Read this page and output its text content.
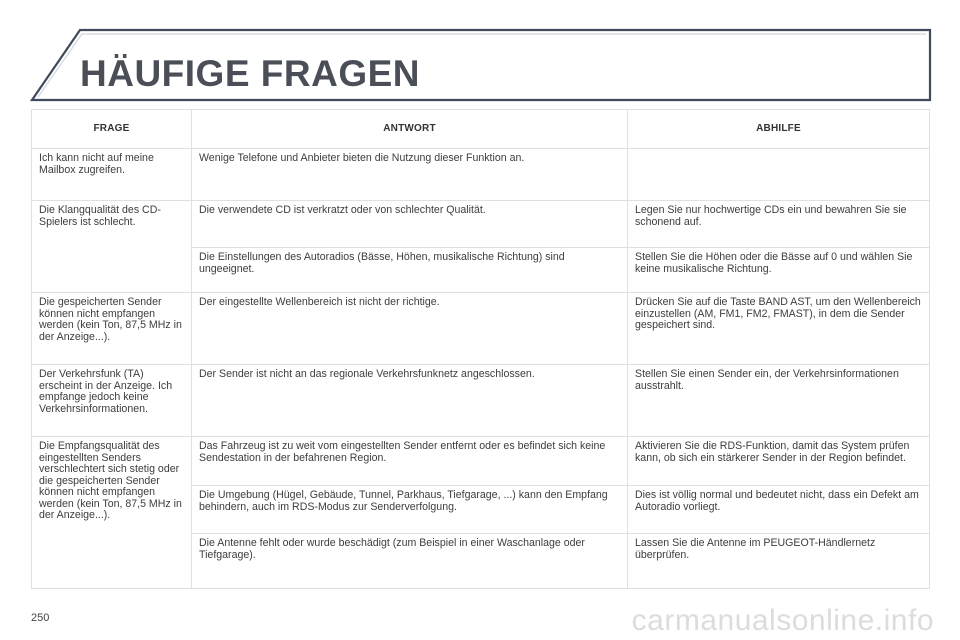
HÄUFIGE FRAGEN
FRAGE	ANTWORT	ABHILFE
Ich kann nicht auf meine Mailbox zugreifen.	Wenige Telefone und Anbieter bieten die Nutzung dieser Funktion an.	
Die Klangqualität des CD-Spielers ist schlecht.	Die verwendete CD ist verkratzt oder von schlechter Qualität.	Legen Sie nur hochwertige CDs ein und bewahren Sie sie schonend auf.
	Die Einstellungen des Autoradios (Bässe, Höhen, musikalische Richtung) sind ungeeignet.	Stellen Sie die Höhen oder die Bässe auf 0 und wählen Sie keine musikalische Richtung.
Die gespeicherten Sender können nicht empfangen werden (kein Ton, 87,5 MHz in der Anzeige...).	Der eingestellte Wellenbereich ist nicht der richtige.	Drücken Sie auf die Taste BAND AST, um den Wellenbereich einzustellen (AM, FM1, FM2, FMAST), in dem die Sender gespeichert sind.
Der Verkehrsfunk (TA) erscheint in der Anzeige. Ich empfange jedoch keine Verkehrsinformationen.	Der Sender ist nicht an das regionale Verkehrsfunknetz angeschlossen.	Stellen Sie einen Sender ein, der Verkehrsinformationen ausstrahlt.
Die Empfangsqualität des eingestellten Senders verschlechtert sich stetig oder die gespeicherten Sender können nicht empfangen werden (kein Ton, 87,5 MHz in der Anzeige...).	Das Fahrzeug ist zu weit vom eingestellten Sender entfernt oder es befindet sich keine Sendestation in der befahrenen Region.	Aktivieren Sie die RDS-Funktion, damit das System prüfen kann, ob sich ein stärkerer Sender in der Region befindet.
	Die Umgebung (Hügel, Gebäude, Tunnel, Parkhaus, Tiefgarage, ...) kann den Empfang behindern, auch im RDS-Modus zur Senderverfolgung.	Dies ist völlig normal und bedeutet nicht, dass ein Defekt am Autoradio vorliegt.
	Die Antenne fehlt oder wurde beschädigt (zum Beispiel in einer Waschanlage oder Tiefgarage).	Lassen Sie die Antenne im PEUGEOT-Händlernetz überprüfen.
250	carmanualsonline.info
